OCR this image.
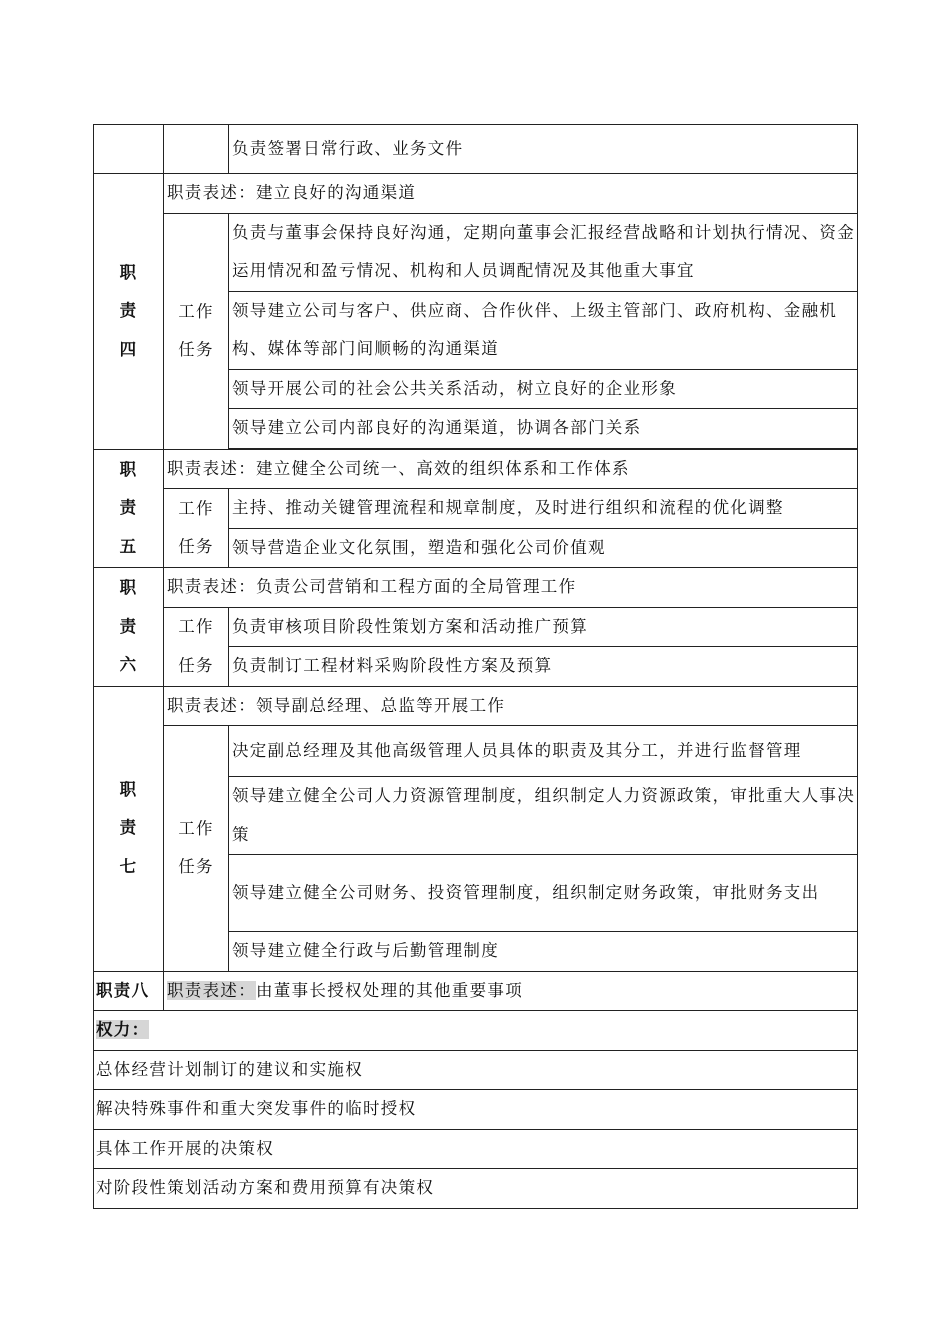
		负责签署日常行政、业务文件

职
责
四	职责表述：建立良好的沟通渠道	

	工作
任务	负责与董事会保持良好沟通，定期向董事会汇报经营战略和计划执行情况、资金运用情况和盈亏情况、机构和人员调配情况及其他重大事宜
		领导建立公司与客户、供应商、合作伙伴、上级主管部门、政府机构、金融机构、媒体等部门间顺畅的沟通渠道
		领导开展公司的社会公共关系活动，树立良好的企业形象
		领导建立公司内部良好的沟通渠道，协调各部门关系

职
责
五	职责表述：建立健全公司统一、高效的组织体系和工作体系	

	工作
任务	主持、推动关键管理流程和规章制度，及时进行组织和流程的优化调整
		领导营造企业文化氛围，塑造和强化公司价值观

职
责
六	职责表述：负责公司营销和工程方面的全局管理工作	

	工作
任务	负责审核项目阶段性策划方案和活动推广预算
		负责制订工程材料采购阶段性方案及预算

职
责
七	职责表述：领导副总经理、总监等开展工作	

	工作
任务	决定副总经理及其他高级管理人员具体的职责及其分工，并进行监督管理
		领导建立健全公司人力资源管理制度，组织制定人力资源政策，审批重大人事决策
		领导建立健全公司财务、投资管理制度，组织制定财务政策，审批财务支出
		领导建立健全行政与后勤管理制度
职责八	职责表述：由董事长授权处理的其他重要事项	
权力：		
总体经营计划制订的建议和实施权		
解决特殊事件和重大突发事件的临时授权		
具体工作开展的决策权		
对阶段性策划活动方案和费用预算有决策权		
